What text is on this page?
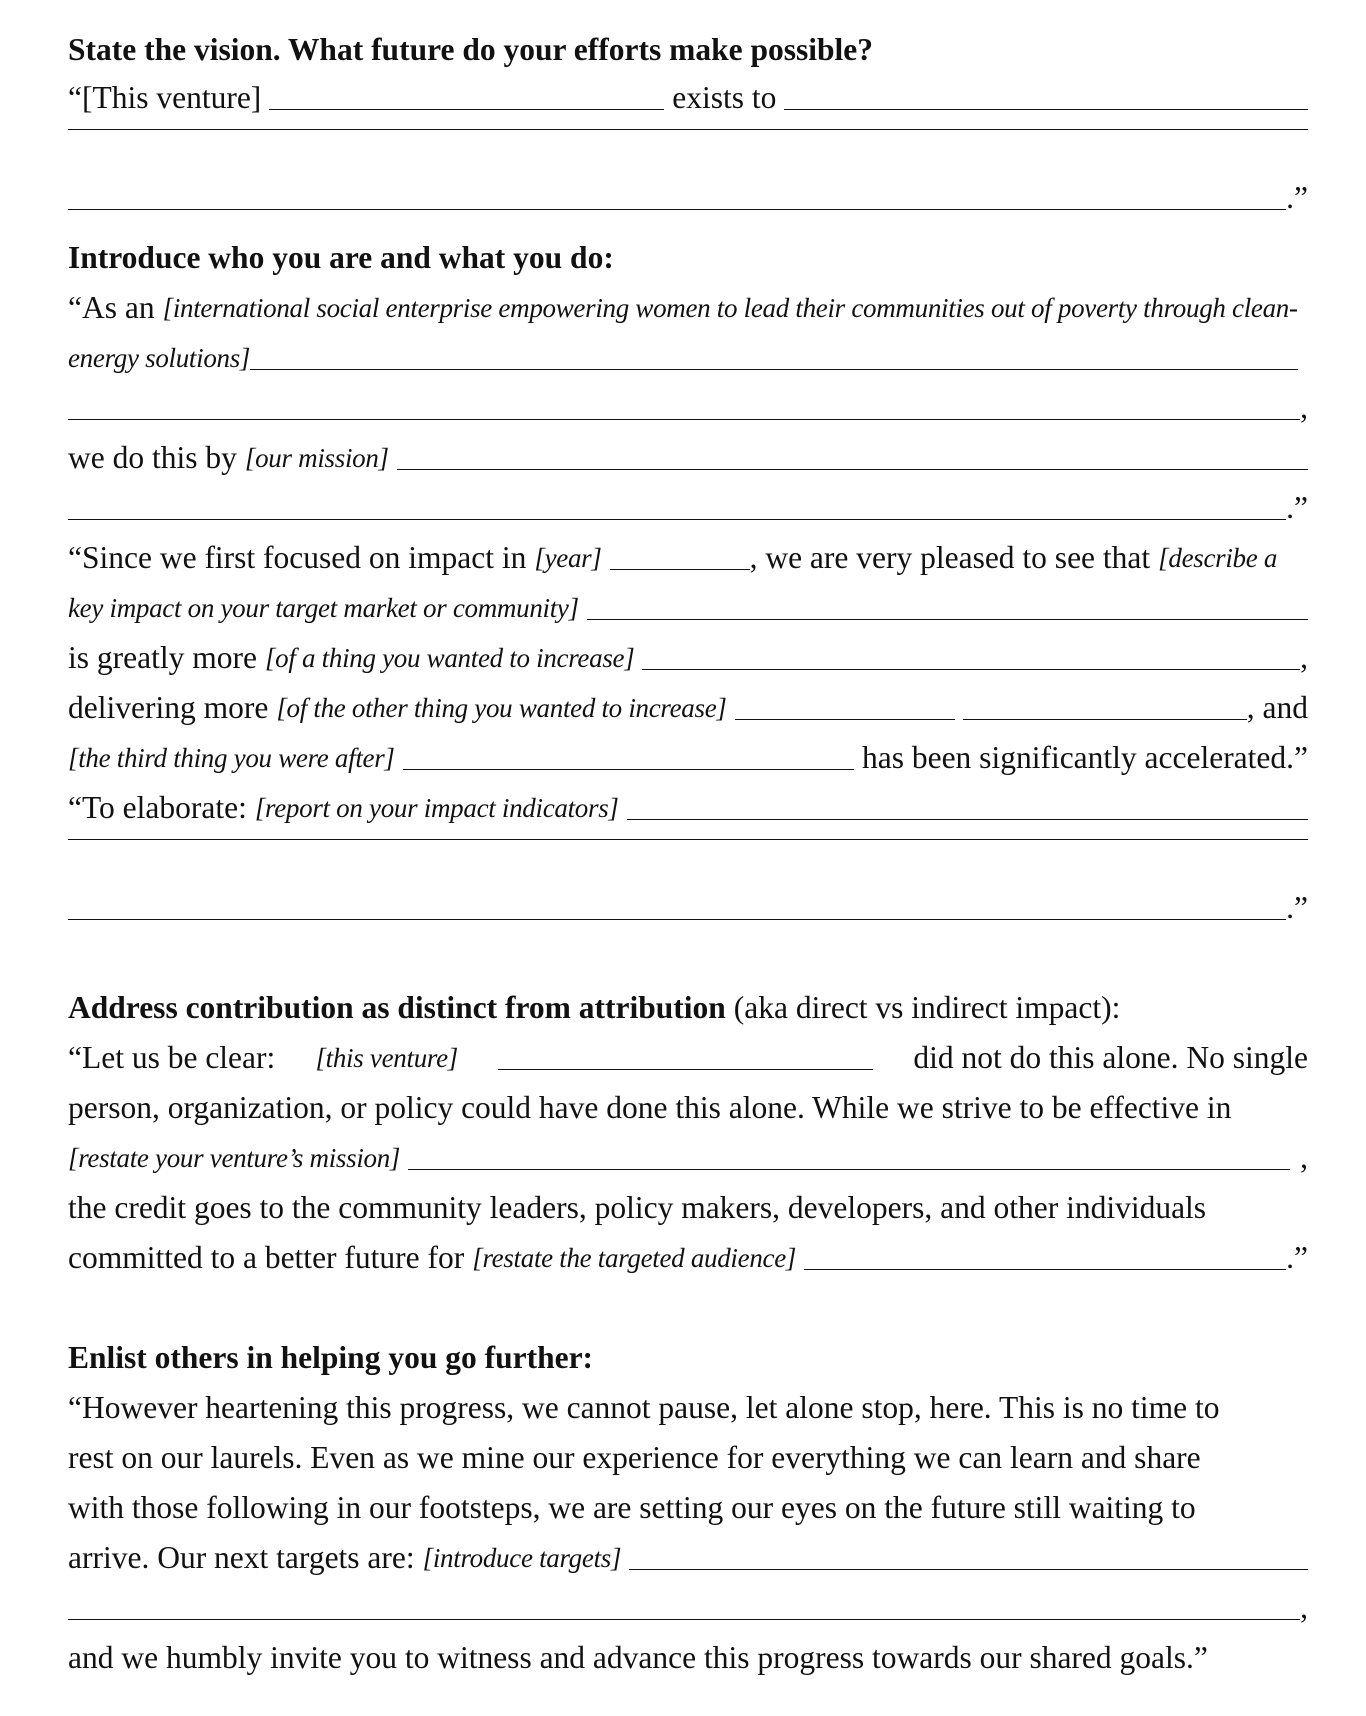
State the vision. What future do your efforts make possible?
“[This venture]	exists to
.”
Introduce who you are and what you do:
“As an [international social enterprise empowering women to lead their communities out of poverty through clean-
energy solutions]
,
we do this by [our mission]
.”
“Since we first focused on impact in [year]	, we are very pleased to see that [describe a
key impact on your target market or community]
is greatly more [of a thing you wanted to increase]	,
delivering more [of the other thing you wanted to increase]	, and
[the third thing you were after]	has been significantly accelerated.”
“To elaborate: [report on your impact indicators]
.”
Address contribution as distinct from attribution (aka direct vs indirect impact):
“Let us be clear: [this venture]	did not do this alone. No single
person, organization, or policy could have done this alone. While we strive to be effective in
[restate your venture’s mission]	,
the credit goes to the community leaders, policy makers, developers, and other individuals
committed to a better future for [restate the targeted audience]	.”
Enlist others in helping you go further:
“However heartening this progress, we cannot pause, let alone stop, here. This is no time to
rest on our laurels. Even as we mine our experience for everything we can learn and share
with those following in our footsteps, we are setting our eyes on the future still waiting to
arrive. Our next targets are: [introduce targets]
,
and we humbly invite you to witness and advance this progress towards our shared goals.”
